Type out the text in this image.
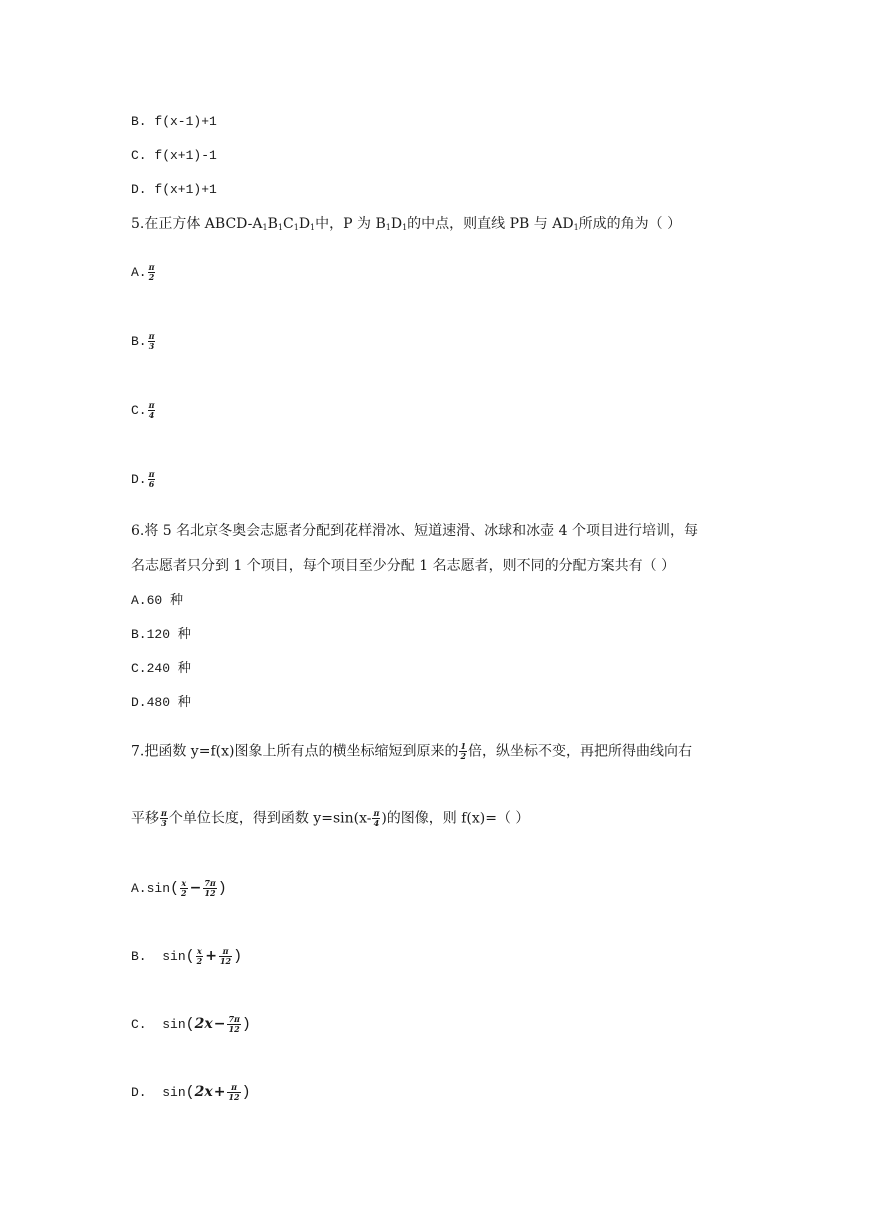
B. f(x-1)+1
C. f(x+1)-1
D. f(x+1)+1
5.在正方体 ABCD-$A_1B_1C_1D_1$中，P 为 $B_1D_1$的中点，则直线 PB 与 $AD_1$所成的角为（ ）
A. $\frac{\pi}{2}$
B. $\frac{\pi}{3}$
C. $\frac{\pi}{4}$
D. $\frac{\pi}{6}$
6.将 5 名北京冬奥会志愿者分配到花样滑冰、短道速滑、冰球和冰壶 4 个项目进行培训，每
名志愿者只分到 1 个项目，每个项目至少分配 1 名志愿者，则不同的分配方案共有（ ）
A.60 种
B.120 种
C.240 种
D.480 种
7.把函数 y=f(x)图象上所有点的横坐标缩短到原来的 $\frac{1}{2}$ 倍，纵坐标不变，再把所得曲线向右
平移 $\frac{\pi}{3}$ 个单位长度，得到函数 $y=\sin(x- \frac{\pi}{4}$ )的图像，则 f(x)=（ ）
$A.\sin( \frac{x}{2} - \frac{7\pi}{12}$ )
B. $\sin( \frac{x}{2} + \frac{\pi}{12}$ )
C. $\sin(2x- \frac{7\pi}{12}$ )
D. $\sin(2x+ \frac{\pi}{12}$ )
